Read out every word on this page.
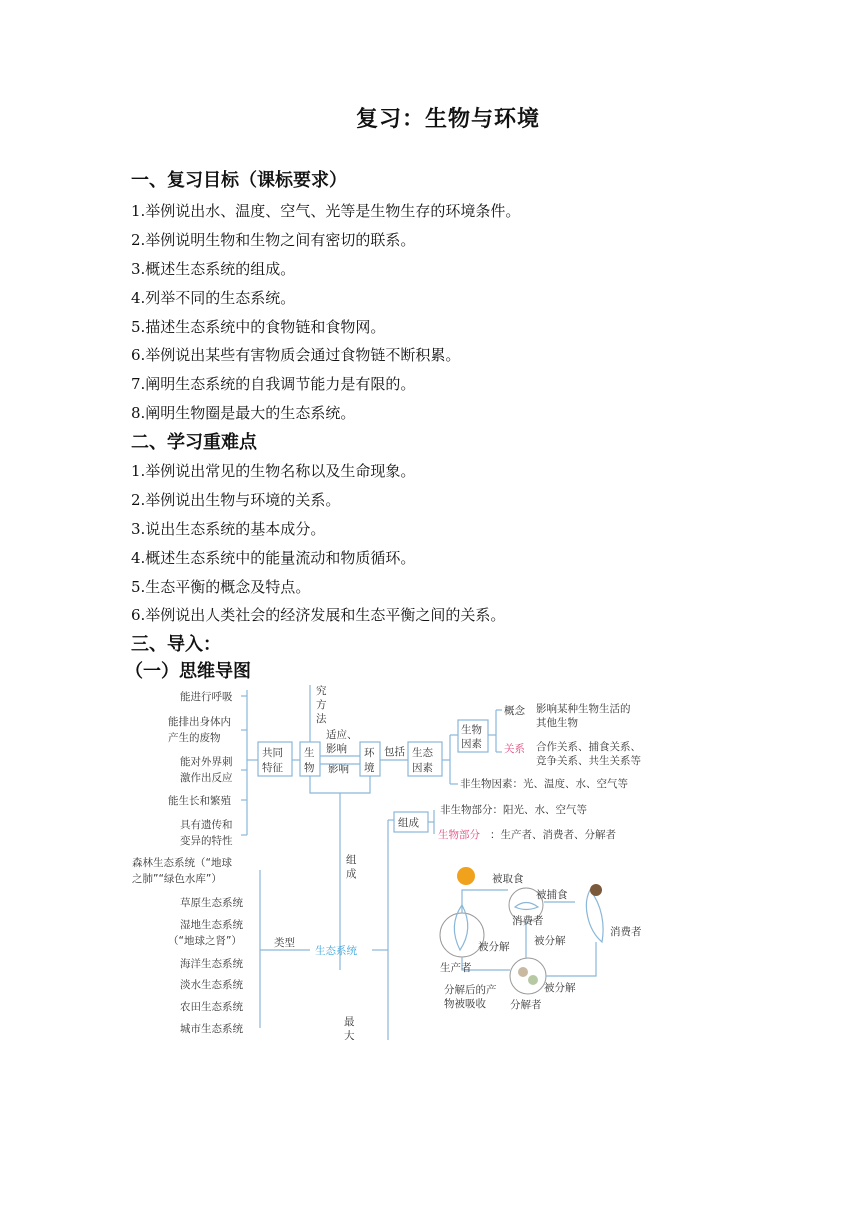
复习：生物与环境
一、复习目标（课标要求）
1.举例说出水、温度、空气、光等是生物生存的环境条件。
2.举例说明生物和生物之间有密切的联系。
3.概述生态系统的组成。
4.列举不同的生态系统。
5.描述生态系统中的食物链和食物网。
6.举例说出某些有害物质会通过食物链不断积累。
7.阐明生态系统的自我调节能力是有限的。
8.阐明生物圈是最大的生态系统。
二、学习重难点
1.举例说出常见的生物名称以及生命现象。
2.举例说出生物与环境的关系。
3.说出生态系统的基本成分。
4.概述生态系统中的能量流动和物质循环。
5.生态平衡的概念及特点。
6.举例说出人类社会的经济发展和生态平衡之间的关系。
三、导入：
（一）思维导图
能进行呼吸
能排出身体内
产生的废物
能对外界刺
激作出反应
能生长和繁殖
具有遗传和
变异的特性
共同
特征
生
物
究
方
法
适应、
影响
影响
环
境
包括 生态
因素
生物
因素
概念 影响某种生物生活的
其他生物
关系 合作关系、捕食关系、
竞争关系、共生关系等
非生物因素：光、温度、水、空气等
组
成
组成
非生物部分：阳光、水、空气等
生物部分 ：生产者、消费者、分解者
生态系统
森林生态系统（“地球
之肺”“绿色水库”）
草原生态系统
湿地生态系统
（“地球之肾”）
海洋生态系统
淡水生态系统
农田生态系统
城市生态系统
类型
最
大
被取食
被捕食
消费者
消费者
被分解 被分解
被分解
生产者
分解后的产
物被吸收 分解者
